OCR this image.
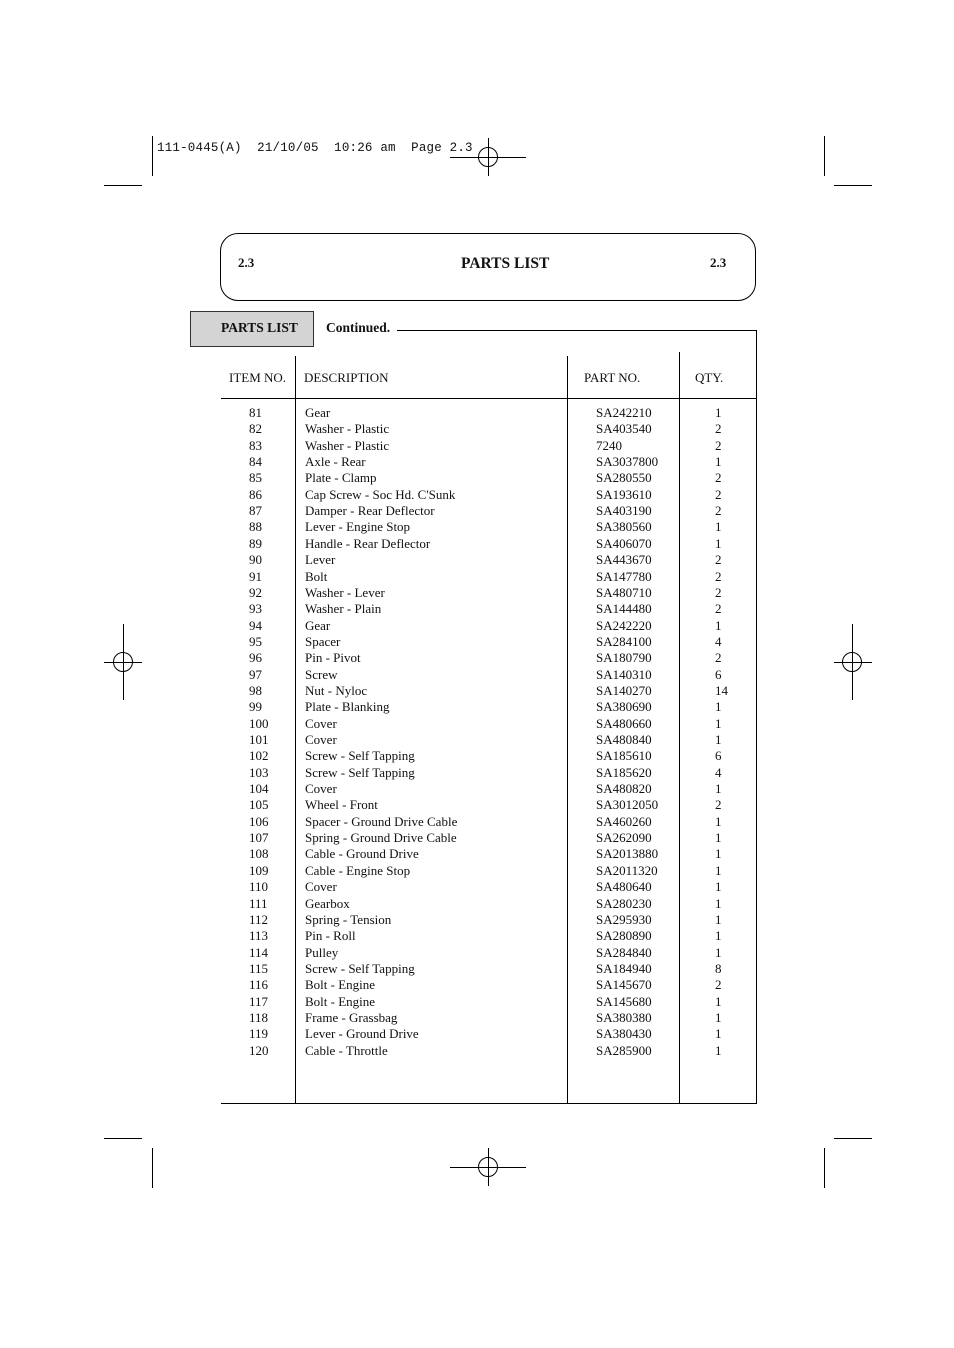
111-0445(A)  21/10/05  10:26 am  Page 2.3
2.3	PARTS LIST	2.3
PARTS LIST Continued.
ITEM NO. DESCRIPTION	PART NO.	QTY.
81	Gear	SA242210	1
82	Washer - Plastic	SA403540	2
83	Washer - Plastic	7240	2
84	Axle - Rear	SA3037800	1
85	Plate - Clamp	SA280550	2
86	Cap Screw - Soc Hd. C'Sunk	SA193610	2
87	Damper - Rear Deflector	SA403190	2
88	Lever - Engine Stop	SA380560	1
89	Handle - Rear Deflector	SA406070	1
90	Lever	SA443670	2
91	Bolt	SA147780	2
92	Washer - Lever	SA480710	2
93	Washer - Plain	SA144480	2
94	Gear	SA242220	1
95	Spacer	SA284100	4
96	Pin - Pivot	SA180790	2
97	Screw	SA140310	6
98	Nut - Nyloc	SA140270	14
99	Plate - Blanking	SA380690	1
100	Cover	SA480660	1
101	Cover	SA480840	1
102	Screw - Self Tapping	SA185610	6
103	Screw - Self Tapping	SA185620	4
104	Cover	SA480820	1
105	Wheel - Front	SA3012050	2
106	Spacer - Ground Drive Cable	SA460260	1
107	Spring - Ground Drive Cable	SA262090	1
108	Cable - Ground Drive	SA2013880	1
109	Cable - Engine Stop	SA2011320	1
110	Cover	SA480640	1
111	Gearbox	SA280230	1
112	Spring - Tension	SA295930	1
113	Pin - Roll	SA280890	1
114	Pulley	SA284840	1
115	Screw - Self Tapping	SA184940	8
116	Bolt - Engine	SA145670	2
117	Bolt - Engine	SA145680	1
118	Frame - Grassbag	SA380380	1
119	Lever - Ground Drive	SA380430	1
120	Cable - Throttle	SA285900	1
